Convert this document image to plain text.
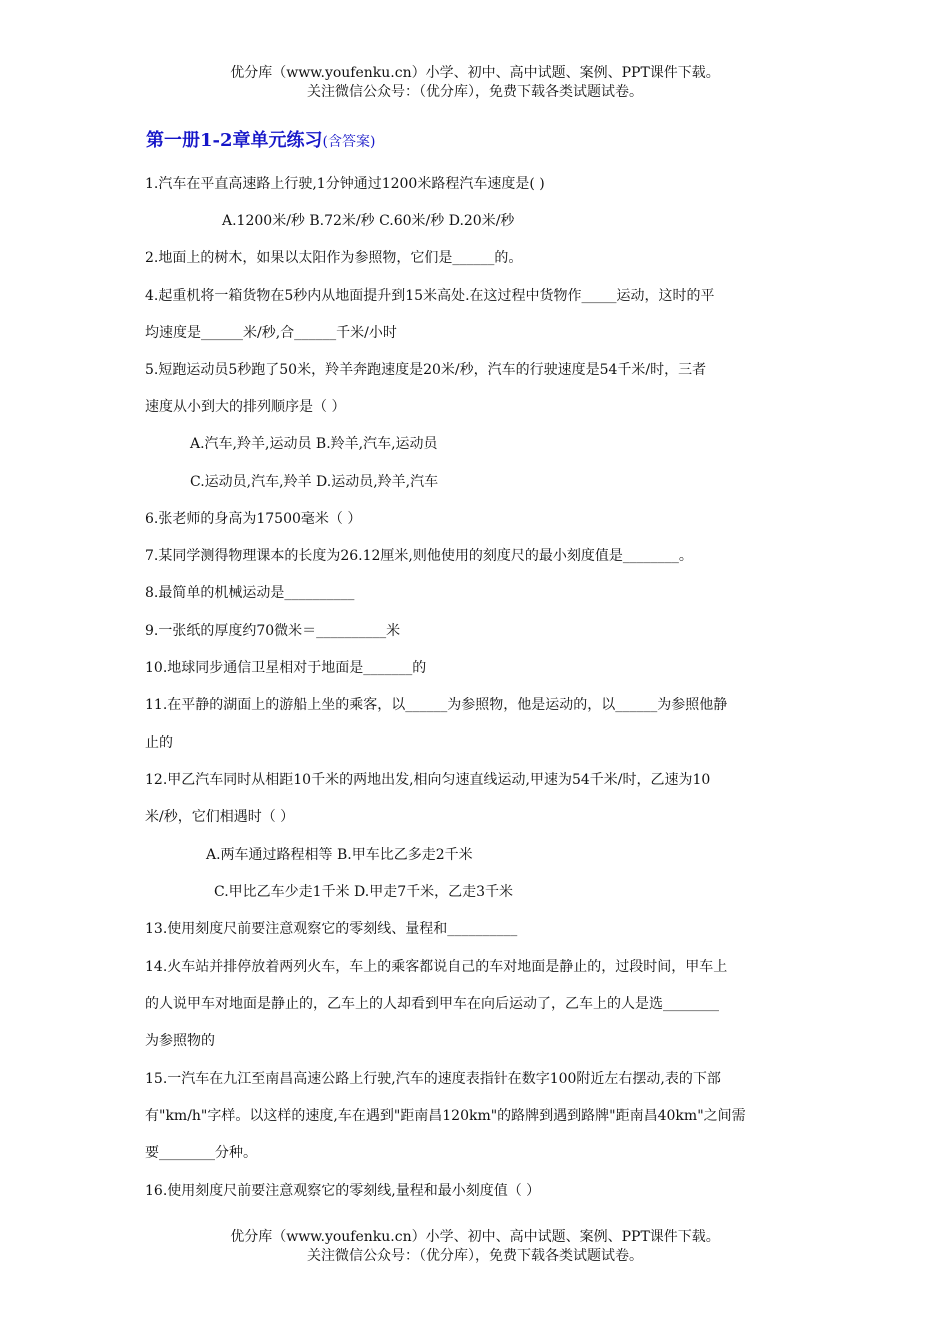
优分库（www.youfenku.cn）小学、初中、高中试题、案例、PPT课件下载。
关注微信公众号：（优分库），免费下载各类试题试卷。
第一册1-2章单元练习(含答案)
1.汽车在平直高速路上行驶,1分钟通过1200米路程汽车速度是( )
A.1200米/秒 B.72米/秒 C.60米/秒 D.20米/秒
2.地面上的树木，如果以太阳作为参照物，它们是______的。
4.起重机将一箱货物在5秒内从地面提升到15米高处.在这过程中货物作_____运动，这时的平
均速度是______米/秒,合______千米/小时
5.短跑运动员5秒跑了50米，羚羊奔跑速度是20米/秒，汽车的行驶速度是54千米/时，三者
速度从小到大的排列顺序是（ ）
A.汽车,羚羊,运动员 B.羚羊,汽车,运动员
C.运动员,汽车,羚羊 D.运动员,羚羊,汽车
6.张老师的身高为17500毫米（ ）
7.某同学测得物理课本的长度为26.12厘米,则他使用的刻度尺的最小刻度值是________。
8.最简单的机械运动是__________
9.一张纸的厚度约70微米＝__________米
10.地球同步通信卫星相对于地面是_______的
11.在平静的湖面上的游船上坐的乘客，以______为参照物，他是运动的，以______为参照他静
止的
12.甲乙汽车同时从相距10千米的两地出发,相向匀速直线运动,甲速为54千米/时，乙速为10
米/秒，它们相遇时（ ）
A.两车通过路程相等 B.甲车比乙多走2千米
C.甲比乙车少走1千米 D.甲走7千米，乙走3千米
13.使用刻度尺前要注意观察它的零刻线、量程和__________
14.火车站并排停放着两列火车，车上的乘客都说自己的车对地面是静止的，过段时间，甲车上
的人说甲车对地面是静止的，乙车上的人却看到甲车在向后运动了，乙车上的人是选________
为参照物的
15.一汽车在九江至南昌高速公路上行驶,汽车的速度表指针在数字100附近左右摆动,表的下部
有"km/h"字样。以这样的速度,车在遇到"距南昌120km"的路牌到遇到路牌"距南昌40km"之间需
要________分种。
16.使用刻度尺前要注意观察它的零刻线,量程和最小刻度值（ ）
优分库（www.youfenku.cn）小学、初中、高中试题、案例、PPT课件下载。
关注微信公众号：（优分库），免费下载各类试题试卷。
